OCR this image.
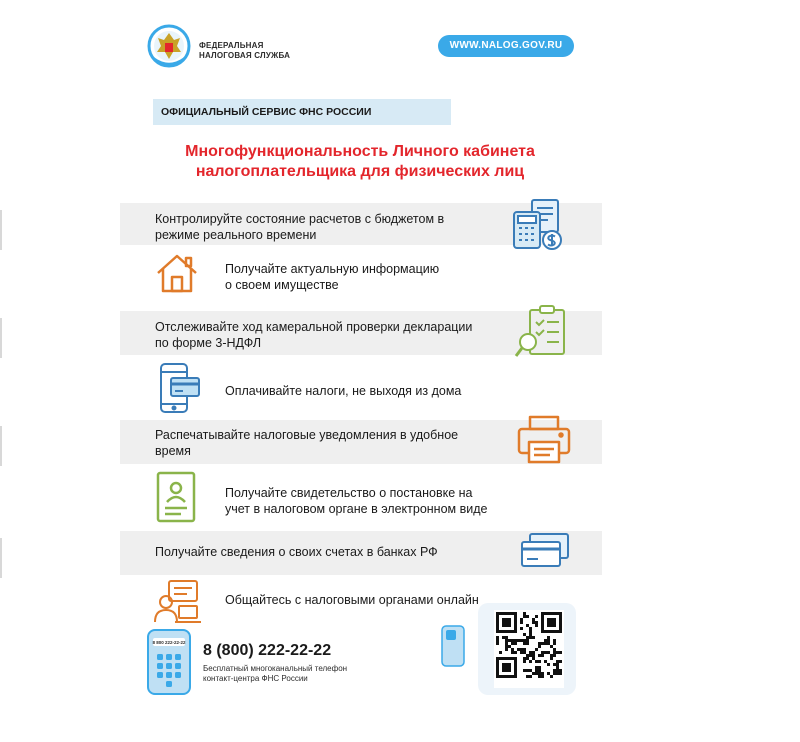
ФЕДЕРАЛЬНАЯ
НАЛОГОВАЯ СЛУЖБА
WWW.NALOG.GOV.RU
ОФИЦИАЛЬНЫЙ СЕРВИС ФНС РОССИИ
Многофункциональность Личного кабинета
налогоплательщика для физических лиц
Контролируйте состояние расчетов с бюджетом в
режиме реального времени
Получайте актуальную информацию
о своем имуществе
Отслеживайте ход камеральной проверки декларации
по форме 3-НДФЛ
Оплачивайте налоги, не выходя из дома
Распечатывайте налоговые уведомления в удобное
время
Получайте свидетельство о постановке на
учет в налоговом органе в электронном виде
Получайте сведения о своих счетах в банках РФ
Общайтесь с налоговыми органами онлайн
8 800 222-22-22 8 (800) 222-22-22
Бесплатный многоканальный телефон
контакт-центра ФНС России
